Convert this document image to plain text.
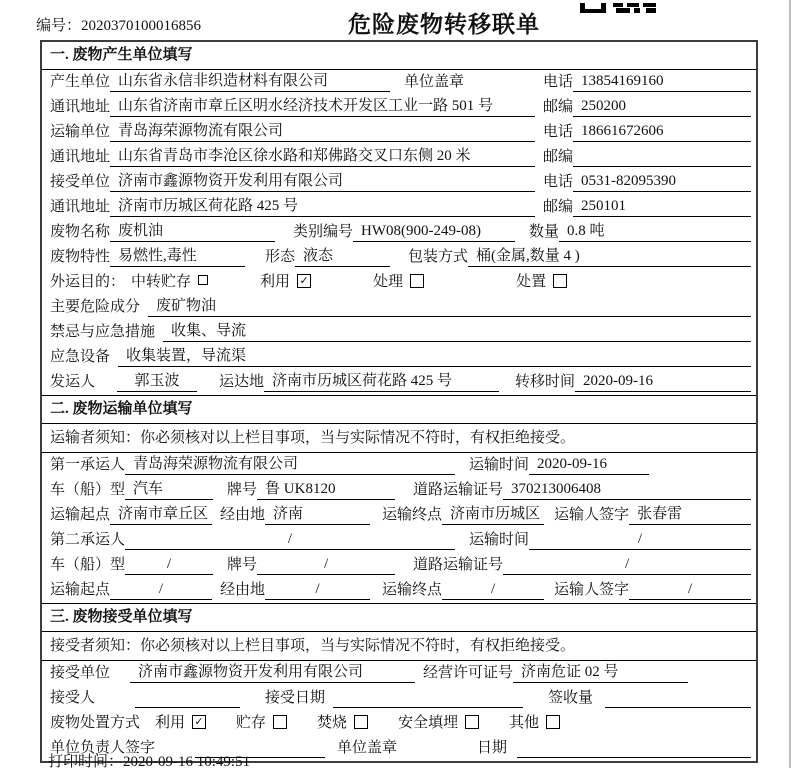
编号：2020370100016856	危险废物转移联单
一. 废物产生单位填写
产生单位 山东省永信非织造材料有限公司	单位盖章	电话 13854169160
通讯地址 山东省济南市章丘区明水经济技术开发区工业一路 501 号	邮编 250200
运输单位 青岛海荣源物流有限公司	电话 18661672606
通讯地址 山东省青岛市李沧区徐水路和郑佛路交叉口东侧 20 米	邮编
接受单位 济南市鑫源物资开发利用有限公司	电话 0531-82095390
通讯地址 济南市历城区荷花路 425 号	邮编 250101
废物名称 废机油	类别编号 HW08(900-249-08)	数量 0.8 吨
废物特性 易燃性,毒性	形态 液态	包装方式 桶(金属,数量 4 )
外运目的： 中转贮存	利用 ✓	处理	处置
主要危险成分	废矿物油
禁忌与应急措施	收集、导流
应急设备	收集装置，导流渠
发运人	郭玉波	运达地 济南市历城区荷花路 425 号	转移时间 2020-09-16
二. 废物运输单位填写
运输者须知：你必须核对以上栏目事项，当与实际情况不符时，有权拒绝接受。
第一承运人 青岛海荣源物流有限公司	运输时间 2020-09-16
车（船）型 汽车	牌号 鲁 UK8120	道路运输证号 370213006408
运输起点 济南市章丘区 经由地 济南	运输终点 济南市历城区 运输人签字 张春雷
第二承运人	/	运输时间	/
车（船）型	/	牌号	/	道路运输证号	/
运输起点	/	经由地	/	运输终点	/	运输人签字	/
三. 废物接受单位填写
接受者须知：你必须核对以上栏目事项，当与实际情况不符时，有权拒绝接受。
接受单位	济南市鑫源物资开发利用有限公司	经营许可证号 济南危证 02 号
接受人	接受日期	签收量
废物处置方式 利用 ✓ 贮存	焚烧	安全填埋	其他
单位负责人签字	单位盖章	日期
打印时间：2020-09-16 10:49:51
